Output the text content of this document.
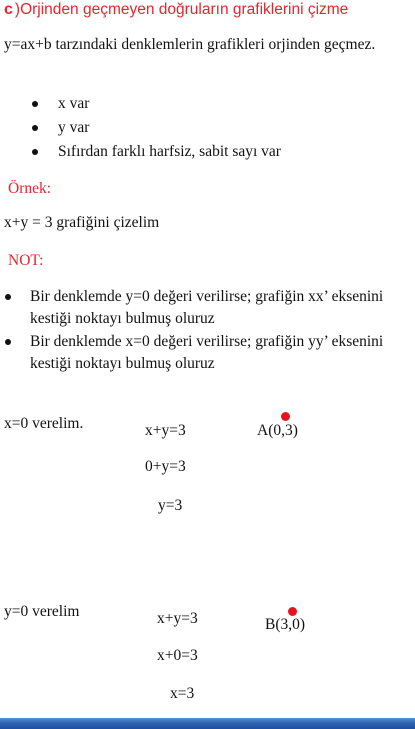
c )Orjinden geçmeyen doğruların grafiklerini çizme
y=ax+b tarzındaki denklemlerin grafikleri orjinden geçmez.
x var
y var
Sıfırdan farklı harfsiz, sabit sayı var
Örnek:
x+y = 3 grafiğini çizelim
NOT:
Bir denklemde y=0 değeri verilirse; grafiğin xx’ eksenini kestiği noktayı bulmuş oluruz
Bir denklemde x=0 değeri verilirse; grafiğin yy’ eksenini kestiği noktayı bulmuş oluruz
x=0 verelim.	x+y=3
0+y=3
y=3
A(0,3)
y=0 verelim	x+y=3
x+0=3
x=3
B(3,0)
